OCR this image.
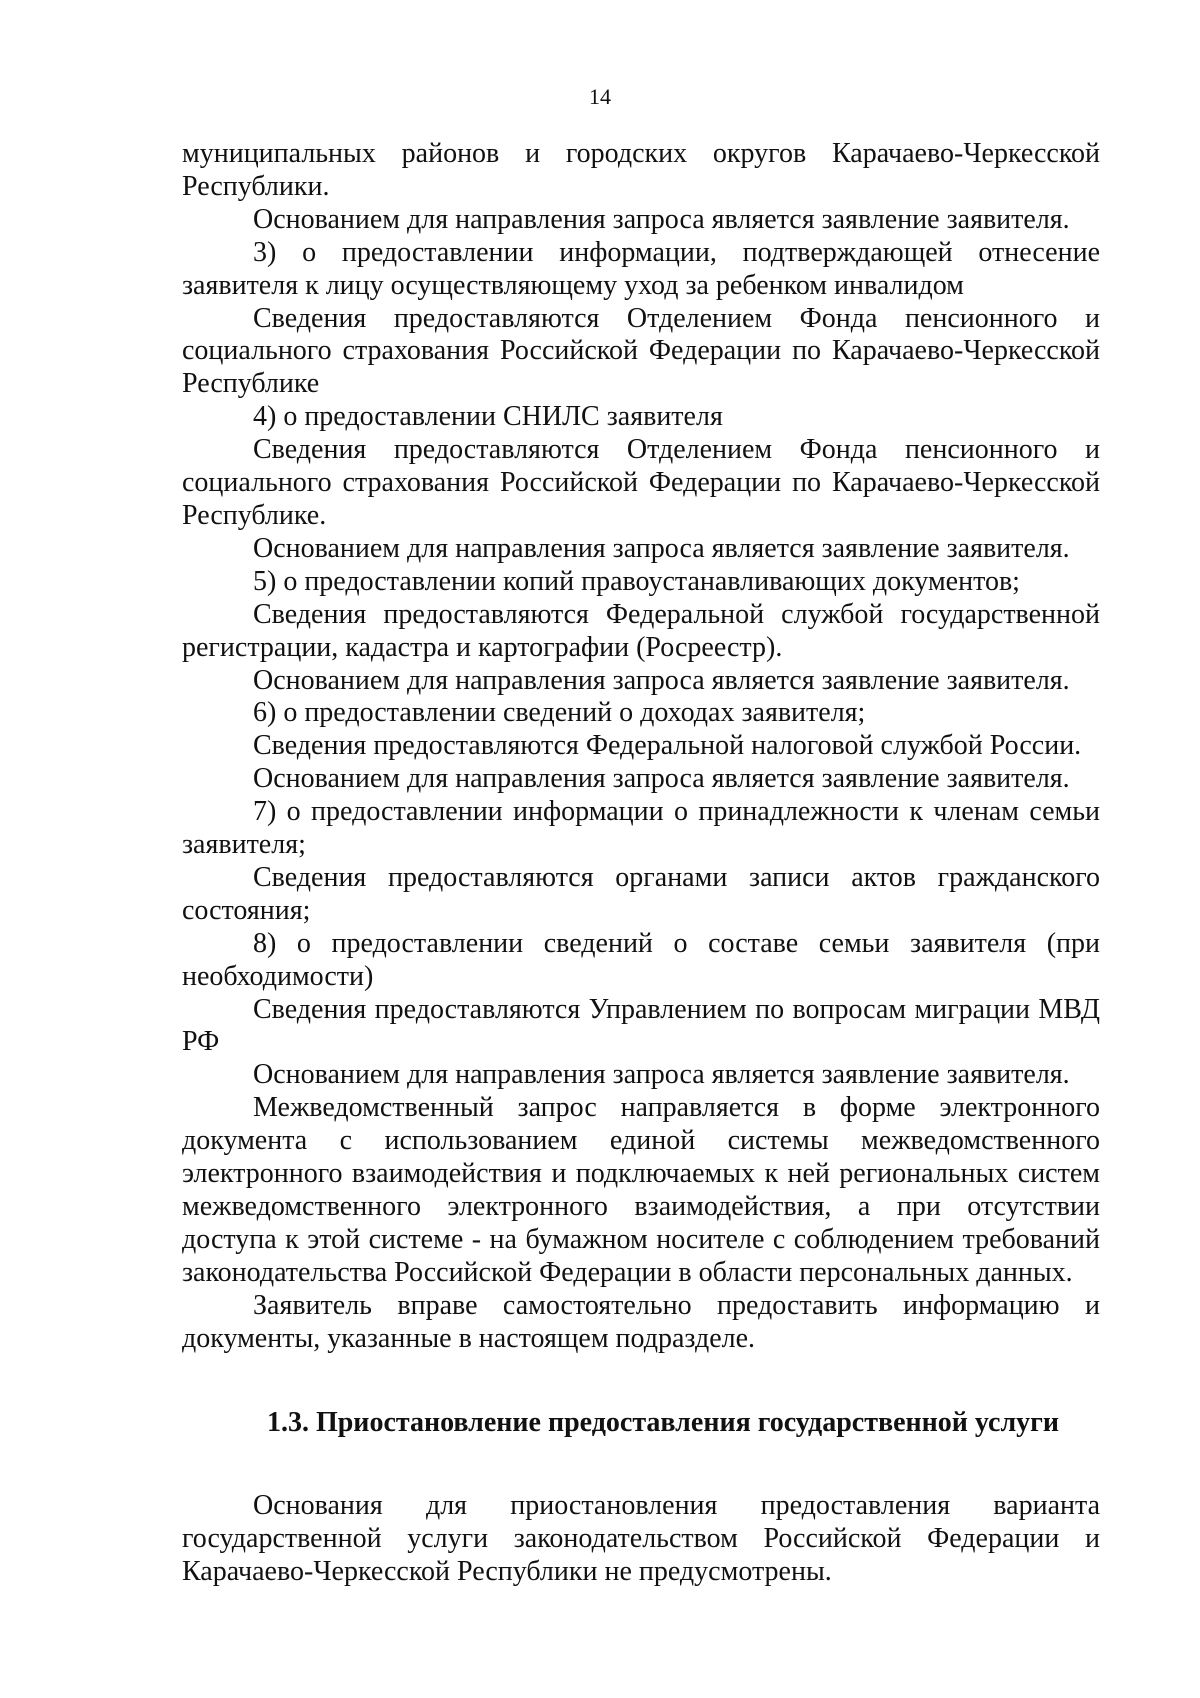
14

муниципальных районов и городских округов Карачаево-Черкесской Республики.

Основанием для направления запроса является заявление заявителя.

3) о предоставлении информации, подтверждающей отнесение заявителя к лицу осуществляющему уход за ребенком инвалидом

Сведения предоставляются Отделением Фонда пенсионного и социального страхования Российской Федерации по Карачаево-Черкесской Республике

4) о предоставлении СНИЛС заявителя

Сведения предоставляются Отделением Фонда пенсионного и социального страхования Российской Федерации по Карачаево-Черкесской Республике.

Основанием для направления запроса является заявление заявителя.

5) о предоставлении копий правоустанавливающих документов;

Сведения предоставляются Федеральной службой государственной регистрации, кадастра и картографии (Росреестр).

Основанием для направления запроса является заявление заявителя.

6) о предоставлении сведений о доходах заявителя;

Сведения предоставляются Федеральной налоговой службой России.

Основанием для направления запроса является заявление заявителя.

7) о предоставлении информации о принадлежности к членам семьи заявителя;

Сведения предоставляются органами записи актов гражданского состояния;

8) о предоставлении сведений о составе семьи заявителя (при необходимости)

Сведения предоставляются Управлением по вопросам миграции МВД РФ

Основанием для направления запроса является заявление заявителя.

Межведомственный запрос направляется в форме электронного документа с использованием единой системы межведомственного электронного взаимодействия и подключаемых к ней региональных систем межведомственного электронного взаимодействия, а при отсутствии доступа к этой системе - на бумажном носителе с соблюдением требований законодательства Российской Федерации в области персональных данных.

Заявитель вправе самостоятельно предоставить информацию и документы, указанные в настоящем подразделе.

1.3. Приостановление предоставления государственной услуги

Основания для приостановления предоставления варианта государственной услуги законодательством Российской Федерации и Карачаево-Черкесской Республики не предусмотрены.
